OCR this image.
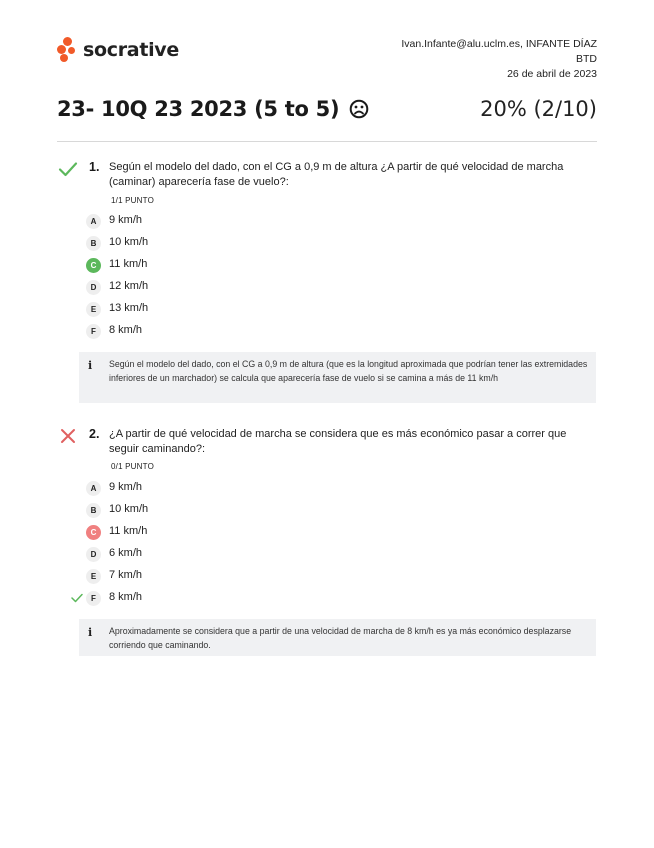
socrative	Ivan.Infante@alu.uclm.es, INFANTE DÍAZ
BTD
26 de abril de 2023
23- 10Q 23 2023 (5 to 5)	20% (2/10)
1. Según el modelo del dado, con el CG a 0,9 m de altura ¿A partir de qué velocidad de marcha (caminar) aparecería fase de vuelo?:
1/1 PUNTO
A	9 km/h
B	10 km/h
C	11 km/h
D	12 km/h
E	13 km/h
F	8 km/h
i Según el modelo del dado, con el CG a 0,9 m de altura (que es la longitud aproximada que podrían tener las extremidades inferiores de un marchador) se calcula que aparecería fase de vuelo si se camina a más de 11 km/h
2. ¿A partir de qué velocidad de marcha se considera que es más económico pasar a correr que seguir caminando?:
0/1 PUNTO
A	9 km/h
B	10 km/h
C	11 km/h
D	6 km/h
E	7 km/h
F	8 km/h
i Aproximadamente se considera que a partir de una velocidad de marcha de 8 km/h es ya más económico desplazarse corriendo que caminando.
